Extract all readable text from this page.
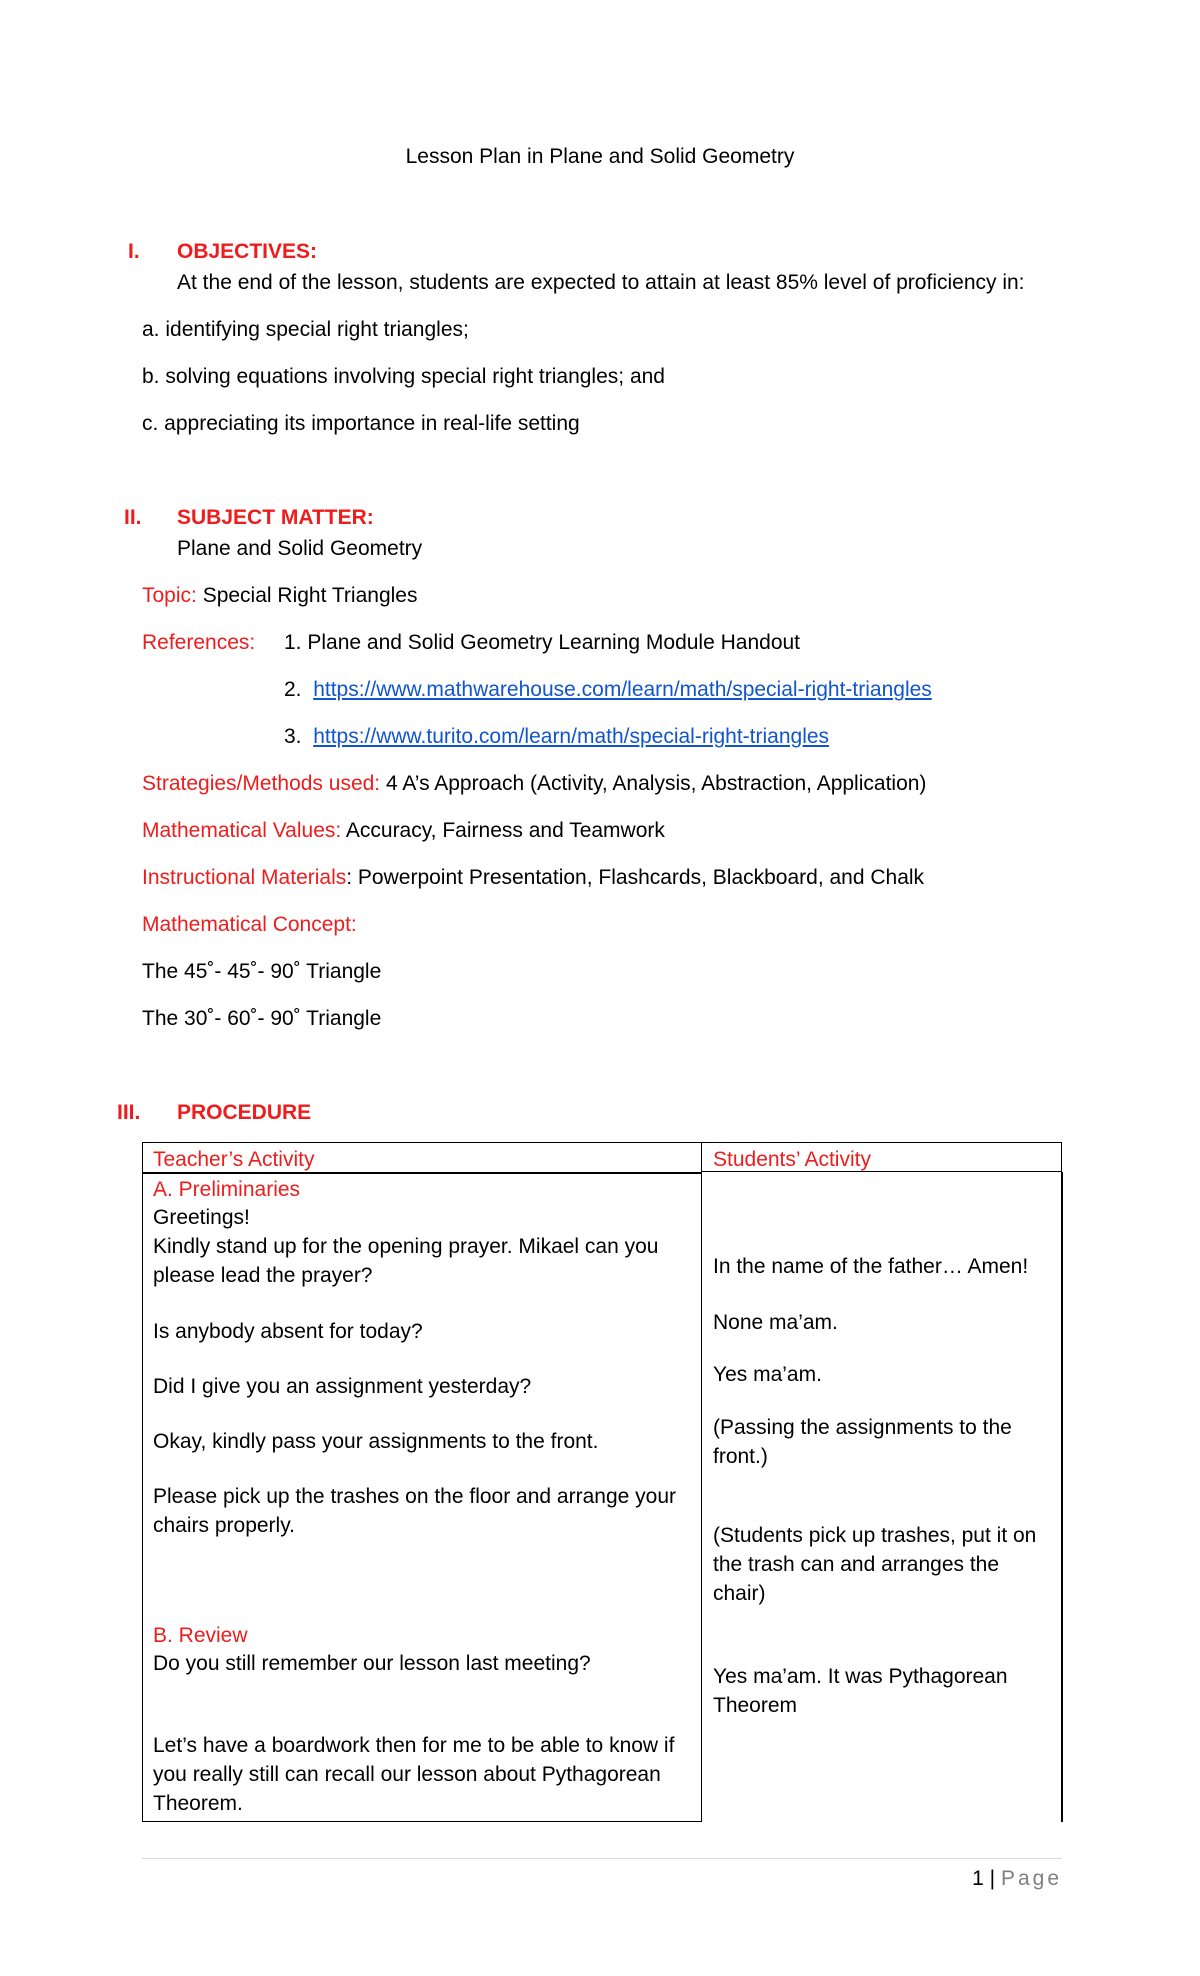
Lesson Plan in Plane and Solid Geometry
I. OBJECTIVES:
At the end of the lesson, students are expected to attain at least 85% level of proficiency in:
a. identifying special right triangles;
b. solving equations involving special right triangles; and
c. appreciating its importance in real-life setting
II. SUBJECT MATTER:
Plane and Solid Geometry
Topic: Special Right Triangles
References: 1. Plane and Solid Geometry Learning Module Handout
2. https://www.mathwarehouse.com/learn/math/special-right-triangles
3. https://www.turito.com/learn/math/special-right-triangles
Strategies/Methods used: 4 A’s Approach (Activity, Analysis, Abstraction, Application)
Mathematical Values: Accuracy, Fairness and Teamwork
Instructional Materials: Powerpoint Presentation, Flashcards, Blackboard, and Chalk
Mathematical Concept:
The 45˚- 45˚- 90˚ Triangle
The 30˚- 60˚- 90˚ Triangle
III. PROCEDURE
Teacher’s Activity	Students’ Activity
A. Preliminaries
Greetings!
Kindly stand up for the opening prayer. Mikael can you please lead the prayer?
Is anybody absent for today?
Did I give you an assignment yesterday?
Okay, kindly pass your assignments to the front.
Please pick up the trashes on the floor and arrange your chairs properly.
B. Review
Do you still remember our lesson last meeting?
Let’s have a boardwork then for me to be able to know if you really still can recall our lesson about Pythagorean Theorem.
In the name of the father… Amen!
None ma’am.
Yes ma’am.
(Passing the assignments to the front.)
(Students pick up trashes, put it on the trash can and arranges the chair)
Yes ma’am. It was Pythagorean Theorem
1 | Page
